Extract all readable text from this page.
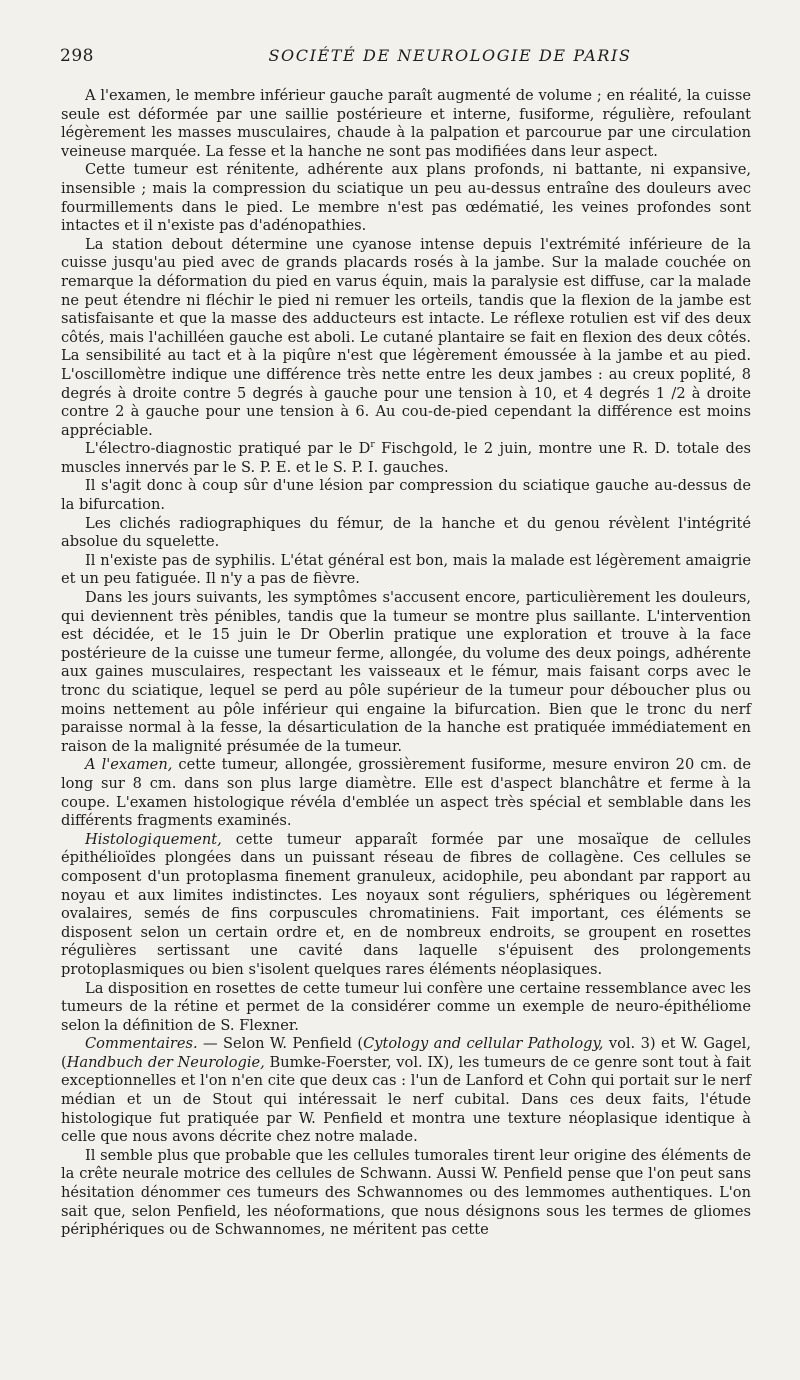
298	SOCIÉTÉ DE NEUROLOGIE DE PARIS

A l'examen, le membre inférieur gauche paraît augmenté de volume ; en réalité, la cuisse seule est déformée par une saillie postérieure et interne, fusiforme, régulière, refoulant légèrement les masses musculaires, chaude à la palpation et parcourue par une circulation veineuse marquée. La fesse et la hanche ne sont pas modifiées dans leur aspect.

Cette tumeur est rénitente, adhérente aux plans profonds, ni battante, ni expansive, insensible ; mais la compression du sciatique un peu au-dessus entraîne des douleurs avec fourmillements dans le pied. Le membre n'est pas œdématié, les veines profondes sont intactes et il n'existe pas d'adénopathies.

La station debout détermine une cyanose intense depuis l'extrémité inférieure de la cuisse jusqu'au pied avec de grands placards rosés à la jambe. Sur la malade couchée on remarque la déformation du pied en varus équin, mais la paralysie est diffuse, car la malade ne peut étendre ni fléchir le pied ni remuer les orteils, tandis que la flexion de la jambe est satisfaisante et que la masse des adducteurs est intacte. Le réflexe rotulien est vif des deux côtés, mais l'achilléen gauche est aboli. Le cutané plantaire se fait en flexion des deux côtés. La sensibilité au tact et à la piqûre n'est que légèrement émoussée à la jambe et au pied. L'oscillomètre indique une différence très nette entre les deux jambes : au creux poplité, 8 degrés à droite contre 5 degrés à gauche pour une tension à 10, et 4 degrés 1 /2 à droite contre 2 à gauche pour une tension à 6. Au cou-de-pied cependant la différence est moins appréciable.

L'électro-diagnostic pratiqué par le $D^r$ Fischgold, le 2 juin, montre une R. D. totale des muscles innervés par le S. P. E. et le S. P. I. gauches.

Il s'agit donc à coup sûr d'une lésion par compression du sciatique gauche au-dessus de la bifurcation.

Les clichés radiographiques du fémur, de la hanche et du genou révèlent l'intégrité absolue du squelette.

Il n'existe pas de syphilis. L'état général est bon, mais la malade est légèrement amaigrie et un peu fatiguée. Il n'y a pas de fièvre.

Dans les jours suivants, les symptômes s'accusent encore, particulièrement les douleurs, qui deviennent très pénibles, tandis que la tumeur se montre plus saillante. L'intervention est décidée, et le 15 juin le Dr Oberlin pratique une exploration et trouve à la face postérieure de la cuisse une tumeur ferme, allongée, du volume des deux poings, adhérente aux gaines musculaires, respectant les vaisseaux et le fémur, mais faisant corps avec le tronc du sciatique, lequel se perd au pôle supérieur de la tumeur pour déboucher plus ou moins nettement au pôle inférieur qui engaine la bifurcation. Bien que le tronc du nerf paraisse normal à la fesse, la désarticulation de la hanche est pratiquée immédiatement en raison de la malignité présumée de la tumeur.

A l'examen, cette tumeur, allongée, grossièrement fusiforme, mesure environ 20 cm. de long sur 8 cm. dans son plus large diamètre. Elle est d'aspect blanchâtre et ferme à la coupe. L'examen histologique révéla d'emblée un aspect très spécial et semblable dans les différents fragments examinés.

Histologiquement, cette tumeur apparaît formée par une mosaïque de cellules épithélioïdes plongées dans un puissant réseau de fibres de collagène. Ces cellules se composent d'un protoplasma finement granuleux, acidophile, peu abondant par rapport au noyau et aux limites indistinctes. Les noyaux sont réguliers, sphériques ou légèrement ovalaires, semés de fins corpuscules chromatiniens. Fait important, ces éléments se disposent selon un certain ordre et, en de nombreux endroits, se groupent en rosettes régulières sertissant une cavité dans laquelle s'épuisent des prolongements protoplasmiques ou bien s'isolent quelques rares éléments néoplasiques.

La disposition en rosettes de cette tumeur lui confère une certaine ressemblance avec les tumeurs de la rétine et permet de la considérer comme un exemple de neuro-épithéliome selon la définition de S. Flexner.

Commentaires. — Selon W. Penfield (Cytology and cellular Pathology, vol. 3) et W. Gagel, (Handbuch der Neurologie, Bumke-Foerster, vol. IX), les tumeurs de ce genre sont tout à fait exceptionnelles et l'on n'en cite que deux cas : l'un de Lanford et Cohn qui portait sur le nerf médian et un de Stout qui intéressait le nerf cubital. Dans ces deux faits, l'étude histologique fut pratiquée par W. Penfield et montra une texture néoplasique identique à celle que nous avons décrite chez notre malade.

Il semble plus que probable que les cellules tumorales tirent leur origine des éléments de la crête neurale motrice des cellules de Schwann. Aussi W. Penfield pense que l'on peut sans hésitation dénommer ces tumeurs des Schwannomes ou des lemmomes authentiques. L'on sait que, selon Penfield, les néoformations, que nous désignons sous les termes de gliomes périphériques ou de Schwannomes, ne méritent pas cette
